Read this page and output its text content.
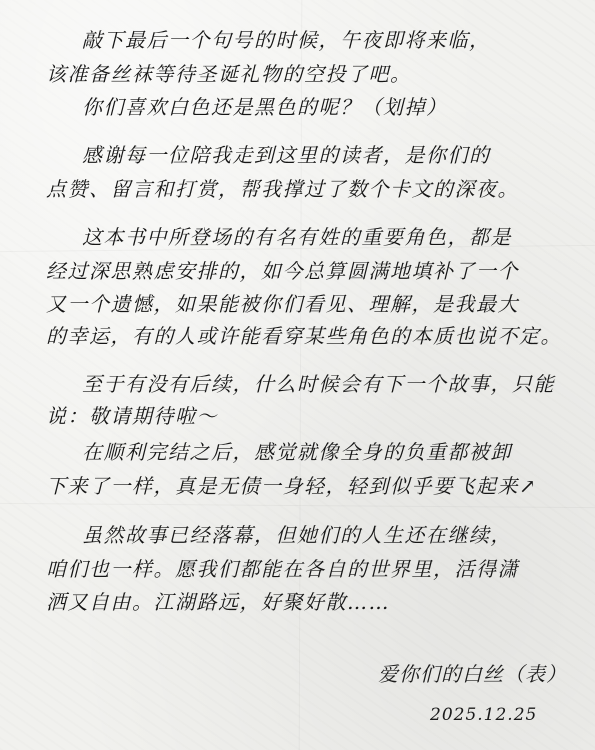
敲下最后一个句号的时候，午夜即将来临，

该准备丝袜等待圣诞礼物的空投了吧。

你们喜欢白色还是黑色的呢？（划掉）

感谢每一位陪我走到这里的读者，是你们的

点赞、留言和打赏，帮我撑过了数个卡文的深夜。

这本书中所登场的有名有姓的重要角色，都是

经过深思熟虑安排的，如今总算圆满地填补了一个

又一个遗憾，如果能被你们看见、理解，是我最大

的幸运，有的人或许能看穿某些角色的本质也说不定。

至于有没有后续，什么时候会有下一个故事，只能

说：敬请期待啦～

在顺利完结之后，感觉就像全身的负重都被卸

下来了一样，真是无债一身轻，轻到似乎要飞起来↗

虽然故事已经落幕，但她们的人生还在继续，

咱们也一样。愿我们都能在各自的世界里，活得潇

洒又自由。江湖路远，好聚好散……

爱你们的白丝（表）

2025.12.25
